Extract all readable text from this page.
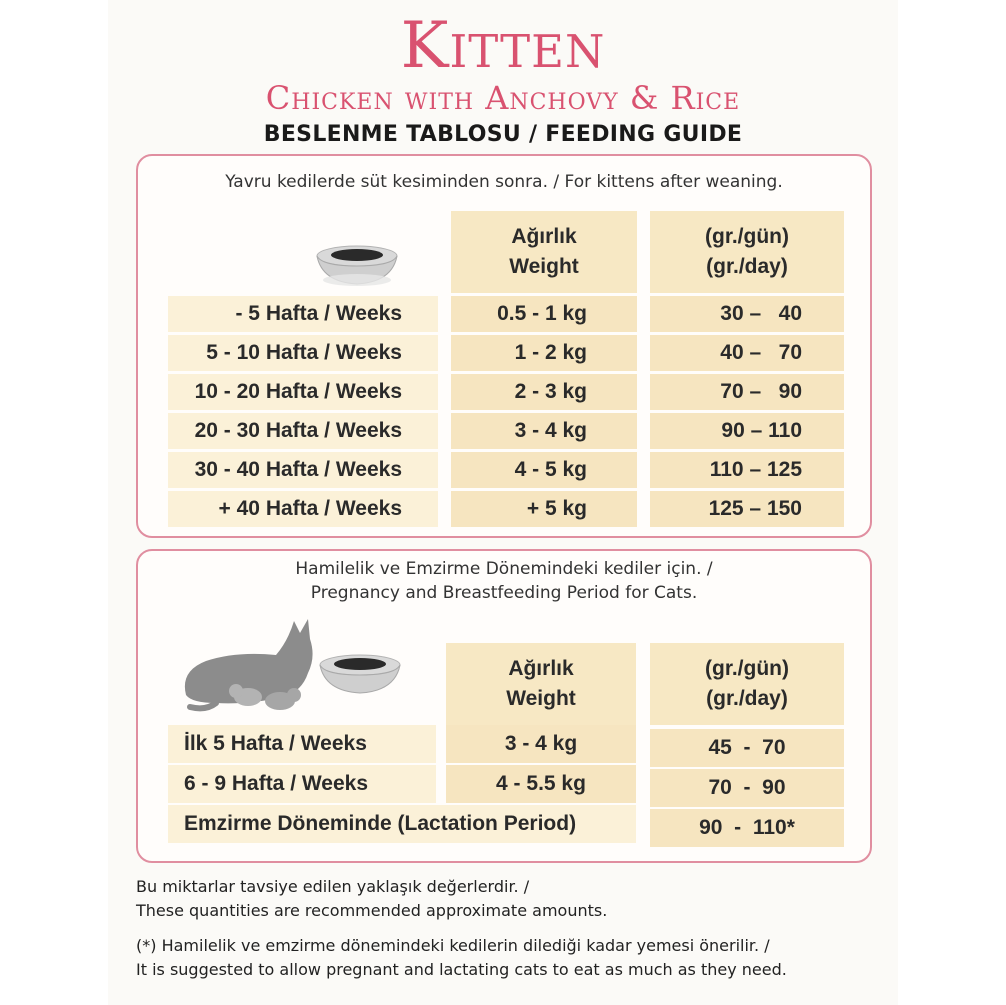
Kitten
Chicken with Anchovy & Rice
BESLENME TABLOSU / FEEDING GUIDE
Yavru kedilerde süt kesiminden sonra. / For kittens after weaning.
Ağırlık
Weight
(gr./gün)
(gr./day)
- 5 Hafta / Weeks	0.5 - 1 kg	30 –   40
5 - 10 Hafta / Weeks	1 - 2 kg	40 –   70
10 - 20 Hafta / Weeks	2 - 3 kg	70 –   90
20 - 30 Hafta / Weeks	3 - 4 kg	90 – 110
30 - 40 Hafta / Weeks	4 - 5 kg	110 – 125
+ 40 Hafta / Weeks	+ 5 kg	125 – 150
Hamilelik ve Emzirme Dönemindeki kediler için. /
Pregnancy and Breastfeeding Period for Cats.
Ağırlık
Weight
(gr./gün)
(gr./day)
İlk 5 Hafta / Weeks	3 - 4 kg	45  -  70
6 - 9 Hafta / Weeks	4 - 5.5 kg	70  -  90
Emzirme Döneminde (Lactation Period)	90  -  110*
Bu miktarlar tavsiye edilen yaklaşık değerlerdir. /
These quantities are recommended approximate amounts.
(*) Hamilelik ve emzirme dönemindeki kedilerin dilediği kadar yemesi önerilir. /
It is suggested to allow pregnant and lactating cats to eat as much as they need.
